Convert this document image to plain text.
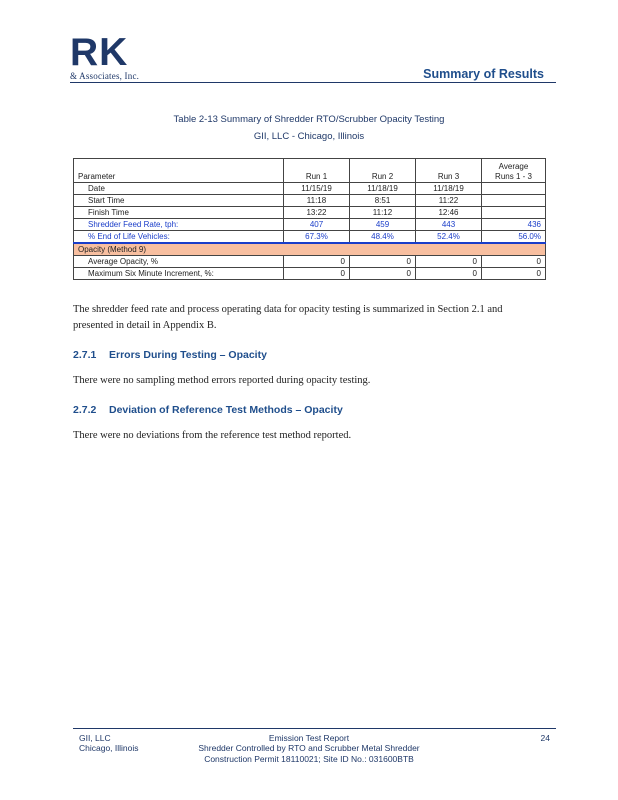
RK
& Associates, Inc.	Summary of Results
Table 2-13 Summary of Shredder RTO/Scrubber Opacity Testing
GII, LLC - Chicago, Illinois
Parameter	Run 1	Run 2	Run 3	Average
Runs 1 - 3

Date	11/15/19	11/18/19	11/18/19	
Start Time	11:18	8:51	11:22	
Finish Time	13:22	11:12	12:46	
Shredder Feed Rate, tph:	407	459	443	436
% End of Life Vehicles:	67.3%	48.4%	52.4%	56.0%
Opacity (Method 9)				
Average Opacity, %	0	0	0	0
Maximum Six Minute Increment, %:	0	0	0	0
The shredder feed rate and process operating data for opacity testing is summarized in Section 2.1 and presented in detail in Appendix B.
2.7.1 Errors During Testing – Opacity
There were no sampling method errors reported during opacity testing.
2.7.2 Deviation of Reference Test Methods – Opacity
There were no deviations from the reference test method reported.
GII, LLC
Chicago, Illinois
Emission Test Report
Shredder Controlled by RTO and Scrubber Metal Shredder
Construction Permit 18110021; Site ID No.: 031600BTB
24
